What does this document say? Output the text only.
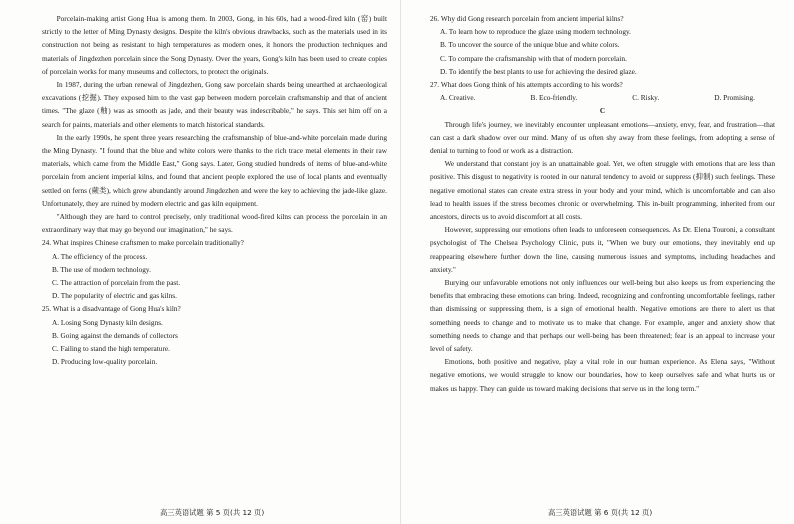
Porcelain-making artist Gong Hua is among them. In 2003, Gong, in his 60s, had a wood-fired kiln (窑) built strictly to the letter of Ming Dynasty designs. Despite the kiln's obvious drawbacks, such as the materials used in its construction not being as resistant to high temperatures as modern ones, it honors the production techniques and materials of Jingdezhen porcelain since the Song Dynasty. Over the years, Gong's kiln has been used to create copies of porcelain works for many museums and collectors, to protect the originals.

In 1987, during the urban renewal of Jingdezhen, Gong saw porcelain shards being unearthed at archaeological excavations (挖掘). They exposed him to the vast gap between modern porcelain craftsmanship and that of ancient times. "The glaze (釉) was as smooth as jade, and their beauty was indescribable," he says. This set him off on a search for paints, materials and other elements to match historical standards.

In the early 1990s, he spent three years researching the craftsmanship of blue-and-white porcelain made during the Ming Dynasty. "I found that the blue and white colors were thanks to the rich trace metal elements in their raw materials, which came from the Middle East," Gong says. Later, Gong studied hundreds of items of blue-and-white porcelain from ancient imperial kilns, and found that ancient people explored the use of local plants and eventually settled on ferns (蕨类), which grew abundantly around Jingdezhen and were the key to achieving the jade-like glaze. Unfortunately, they are ruined by modern electric and gas kiln equipment.

"Although they are hard to control precisely, only traditional wood-fired kilns can process the porcelain in an extraordinary way that may go beyond our imagination," he says.

24. What inspires Chinese craftsmen to make porcelain traditionally?

A. The efficiency of the process.

B. The use of modern technology.

C. The attraction of porcelain from the past.

D. The popularity of electric and gas kilns.

25. What is a disadvantage of Gong Hua's kiln?

A. Losing Song Dynasty kiln designs.

B. Going against the demands of collectors

C. Failing to stand the high temperature.

D. Producing low-quality porcelain.

26. Why did Gong research porcelain from ancient imperial kilns?

A. To learn how to reproduce the glaze using modern technology.

B. To uncover the source of the unique blue and white colors.

C. To compare the craftsmanship with that of modern porcelain.

D. To identify the best plants to use for achieving the desired glaze.

27. What does Gong think of his attempts according to his words?

A. Creative.	B. Eco-friendly.	C. Risky.	D. Promising.

C

Through life's journey, we inevitably encounter unpleasant emotions—anxiety, envy, fear, and frustration—that can cast a dark shadow over our mind. Many of us often shy away from these feelings, from adopting a sense of denial to turning to food or work as a distraction.

We understand that constant joy is an unattainable goal. Yet, we often struggle with emotions that are less than positive. This disgust to negativity is rooted in our natural tendency to avoid or suppress (抑制) such feelings. These negative emotional states can create extra stress in your body and your mind, which is uncomfortable and can also lead to health issues if the stress becomes chronic or overwhelming. This in-built programming, inherited from our ancestors, directs us to avoid discomfort at all costs.

However, suppressing our emotions often leads to unforeseen consequences. As Dr. Elena Touroni, a consultant psychologist of The Chelsea Psychology Clinic, puts it, "When we bury our emotions, they inevitably end up reappearing elsewhere further down the line, causing numerous issues and symptoms, including headaches and anxiety."

Burying our unfavorable emotions not only influences our well-being but also keeps us from experiencing the benefits that embracing these emotions can bring. Indeed, recognizing and confronting uncomfortable feelings, rather than dismissing or suppressing them, is a sign of emotional health. Negative emotions are there to alert us that something needs to change and to motivate us to make that change. For example, anger and anxiety show that something needs to change and that perhaps our well-being has been threatened; fear is an appeal to increase your level of safety.

Emotions, both positive and negative, play a vital role in our human experience. As Elena says, "Without negative emotions, we would struggle to know our boundaries, how to keep ourselves safe and what hurts us or makes us happy. They can guide us toward making decisions that serve us in the long term."

高三英语试题 第 5 页(共 12 页)	高三英语试题 第 6 页(共 12 页)
